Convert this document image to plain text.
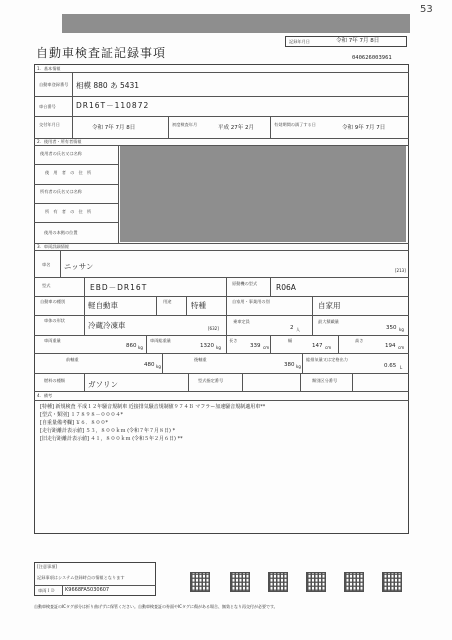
53
自動車検査証記録事項
記録年月日	令和 7年 7月 8日
040626003961
1．基本情報
自動車登録番号 相模 880 あ 5431
車台番号	DR16T－110872
交付年月日
令和 7年 7月 8日
初度検査年月
平成 27年 2月
有効期間の満了する日
令和 9年 7月 7日
2．使用者・所有者情報
使用者の氏名又は名称
使　用　者　の　住　所
所有者の氏名又は名称
所　有　者　の　住　所
使用の本拠の位置
3．車両詳細情報
車名 ニッサン	[213]
型式	EBD－DR16T	原動機の型式	R06A
自動車の種別	軽自動車	用途	特種	自家用・事業用の別	自家用
車体の形状
冷蔵冷凍車	[632]
乗車定員
2 人
最大積載量
350 kg
車両重量
860 kg
車両総重量
1320 kg
長さ
339 cm
幅
147 cm
高さ
194 cm
前軸重
480 kg
後軸重
380 kg
総排気量又は定格出力
0.65 L
燃料の種類	ガソリン	型式指定番号	類別区分番号
4．備考
[特種] 新規検査 平成１２年騒音規制車 近接排気騒音規制値９７４Ｂ マフラー加速騒音規制適用車**
[型式・類別] １７８９８－０００４*
[自重量備考欄] ￥６．８００*
[走行距離計表示値] ５３，８００ｋｍ (令和７年７月８日) *
[旧走行距離計表示値] ４１，８００ｋｍ (令和５年２月６日) **
[注意事項]
記録事項はシステム登録時点の情報となります
車両ＩＤ K9668FA5030607
自動車検査証のICタグ部分は折り曲げずに保管ください。自動車検査証の券面やICタグに傷がある場合、無効となり再交付が必要です。
